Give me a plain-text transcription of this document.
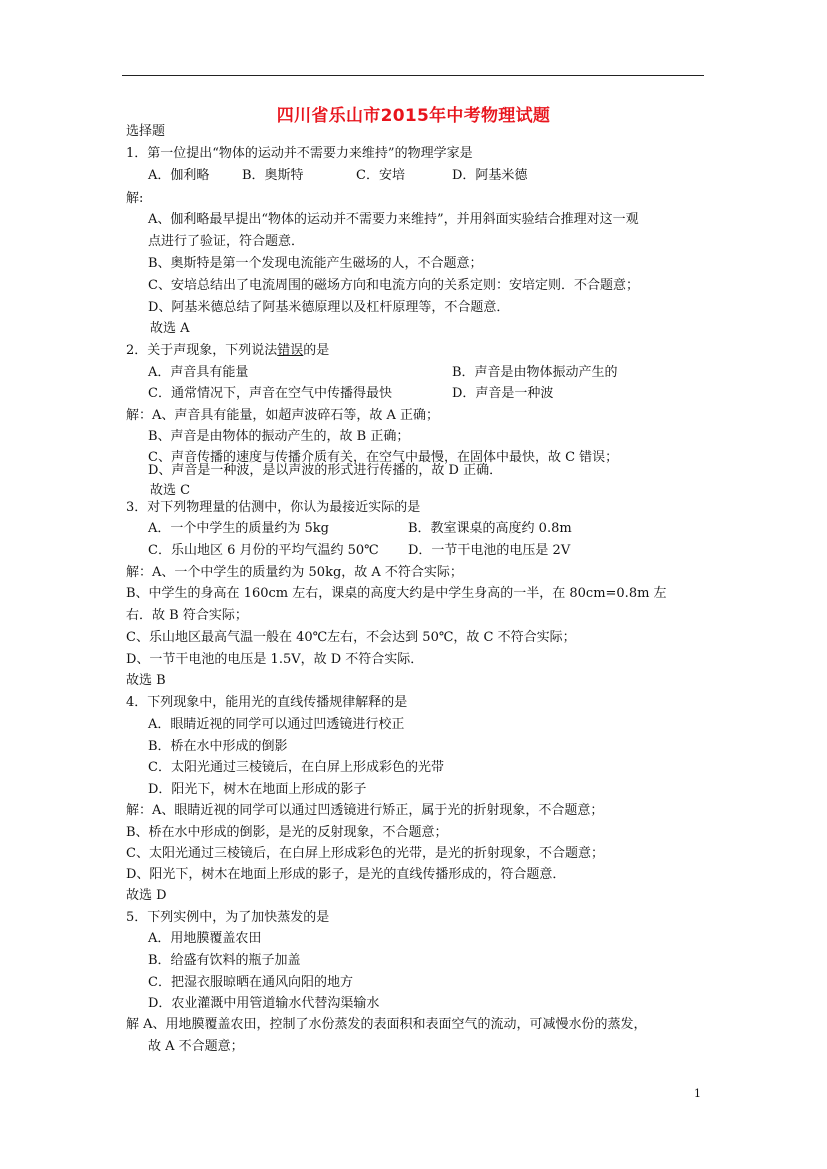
四川省乐山市2015年中考物理试题
选择题
1．第一位提出“物体的运动并不需要力来维持”的物理学家是
A．伽利略	B．奥斯特	C．安培	D．阿基米德
解:
A、伽利略最早提出“物体的运动并不需要力来维持”，并用斜面实验结合推理对这一观
点进行了验证，符合题意．
B、奥斯特是第一个发现电流能产生磁场的人，不合题意；
C、安培总结出了电流周围的磁场方向和电流方向的关系定则：安培定则．不合题意；
D、阿基米德总结了阿基米德原理以及杠杆原理等，不合题意．
故选 A
2．关于声现象，下列说法错误的是
A．声音具有能量	B．声音是由物体振动产生的
C．通常情况下，声音在空气中传播得最快	D．声音是一种波
解：A、声音具有能量，如超声波碎石等，故 A 正确；
B、声音是由物体的振动产生的，故 B 正确；
C、声音传播的速度与传播介质有关，在空气中最慢，在固体中最快，故 C 错误；
D、声音是一种波，是以声波的形式进行传播的，故 D 正确．
故选 C
3．对下列物理量的估测中，你认为最接近实际的是
A．一个中学生的质量约为 5kg	B．教室课桌的高度约 0.8m
C．乐山地区 6 月份的平均气温约 50℃ D．一节干电池的电压是 2V
解：A、一个中学生的质量约为 50kg，故 A 不符合实际；
B、中学生的身高在 160cm 左右，课桌的高度大约是中学生身高的一半，在 80cm=0.8m 左
右．故 B 符合实际；
C、乐山地区最高气温一般在 40℃左右，不会达到 50℃，故 C 不符合实际；
D、一节干电池的电压是 1.5V，故 D 不符合实际．
故选 B
4．下列现象中，能用光的直线传播规律解释的是
A．眼睛近视的同学可以通过凹透镜进行校正
B．桥在水中形成的倒影
C．太阳光通过三棱镜后，在白屏上形成彩色的光带
D．阳光下，树木在地面上形成的影子
解：A、眼睛近视的同学可以通过凹透镜进行矫正，属于光的折射现象，不合题意；
B、桥在水中形成的倒影，是光的反射现象，不合题意；
C、太阳光通过三棱镜后，在白屏上形成彩色的光带，是光的折射现象，不合题意；
D、阳光下，树木在地面上形成的影子，是光的直线传播形成的，符合题意．
故选 D
5．下列实例中，为了加快蒸发的是
A．用地膜覆盖农田
B．给盛有饮料的瓶子加盖
C．把湿衣服晾晒在通风向阳的地方
D．农业灌溉中用管道输水代替沟渠输水
解 A、用地膜覆盖农田，控制了水份蒸发的表面积和表面空气的流动，可减慢水份的蒸发，
故 A 不合题意；
1
